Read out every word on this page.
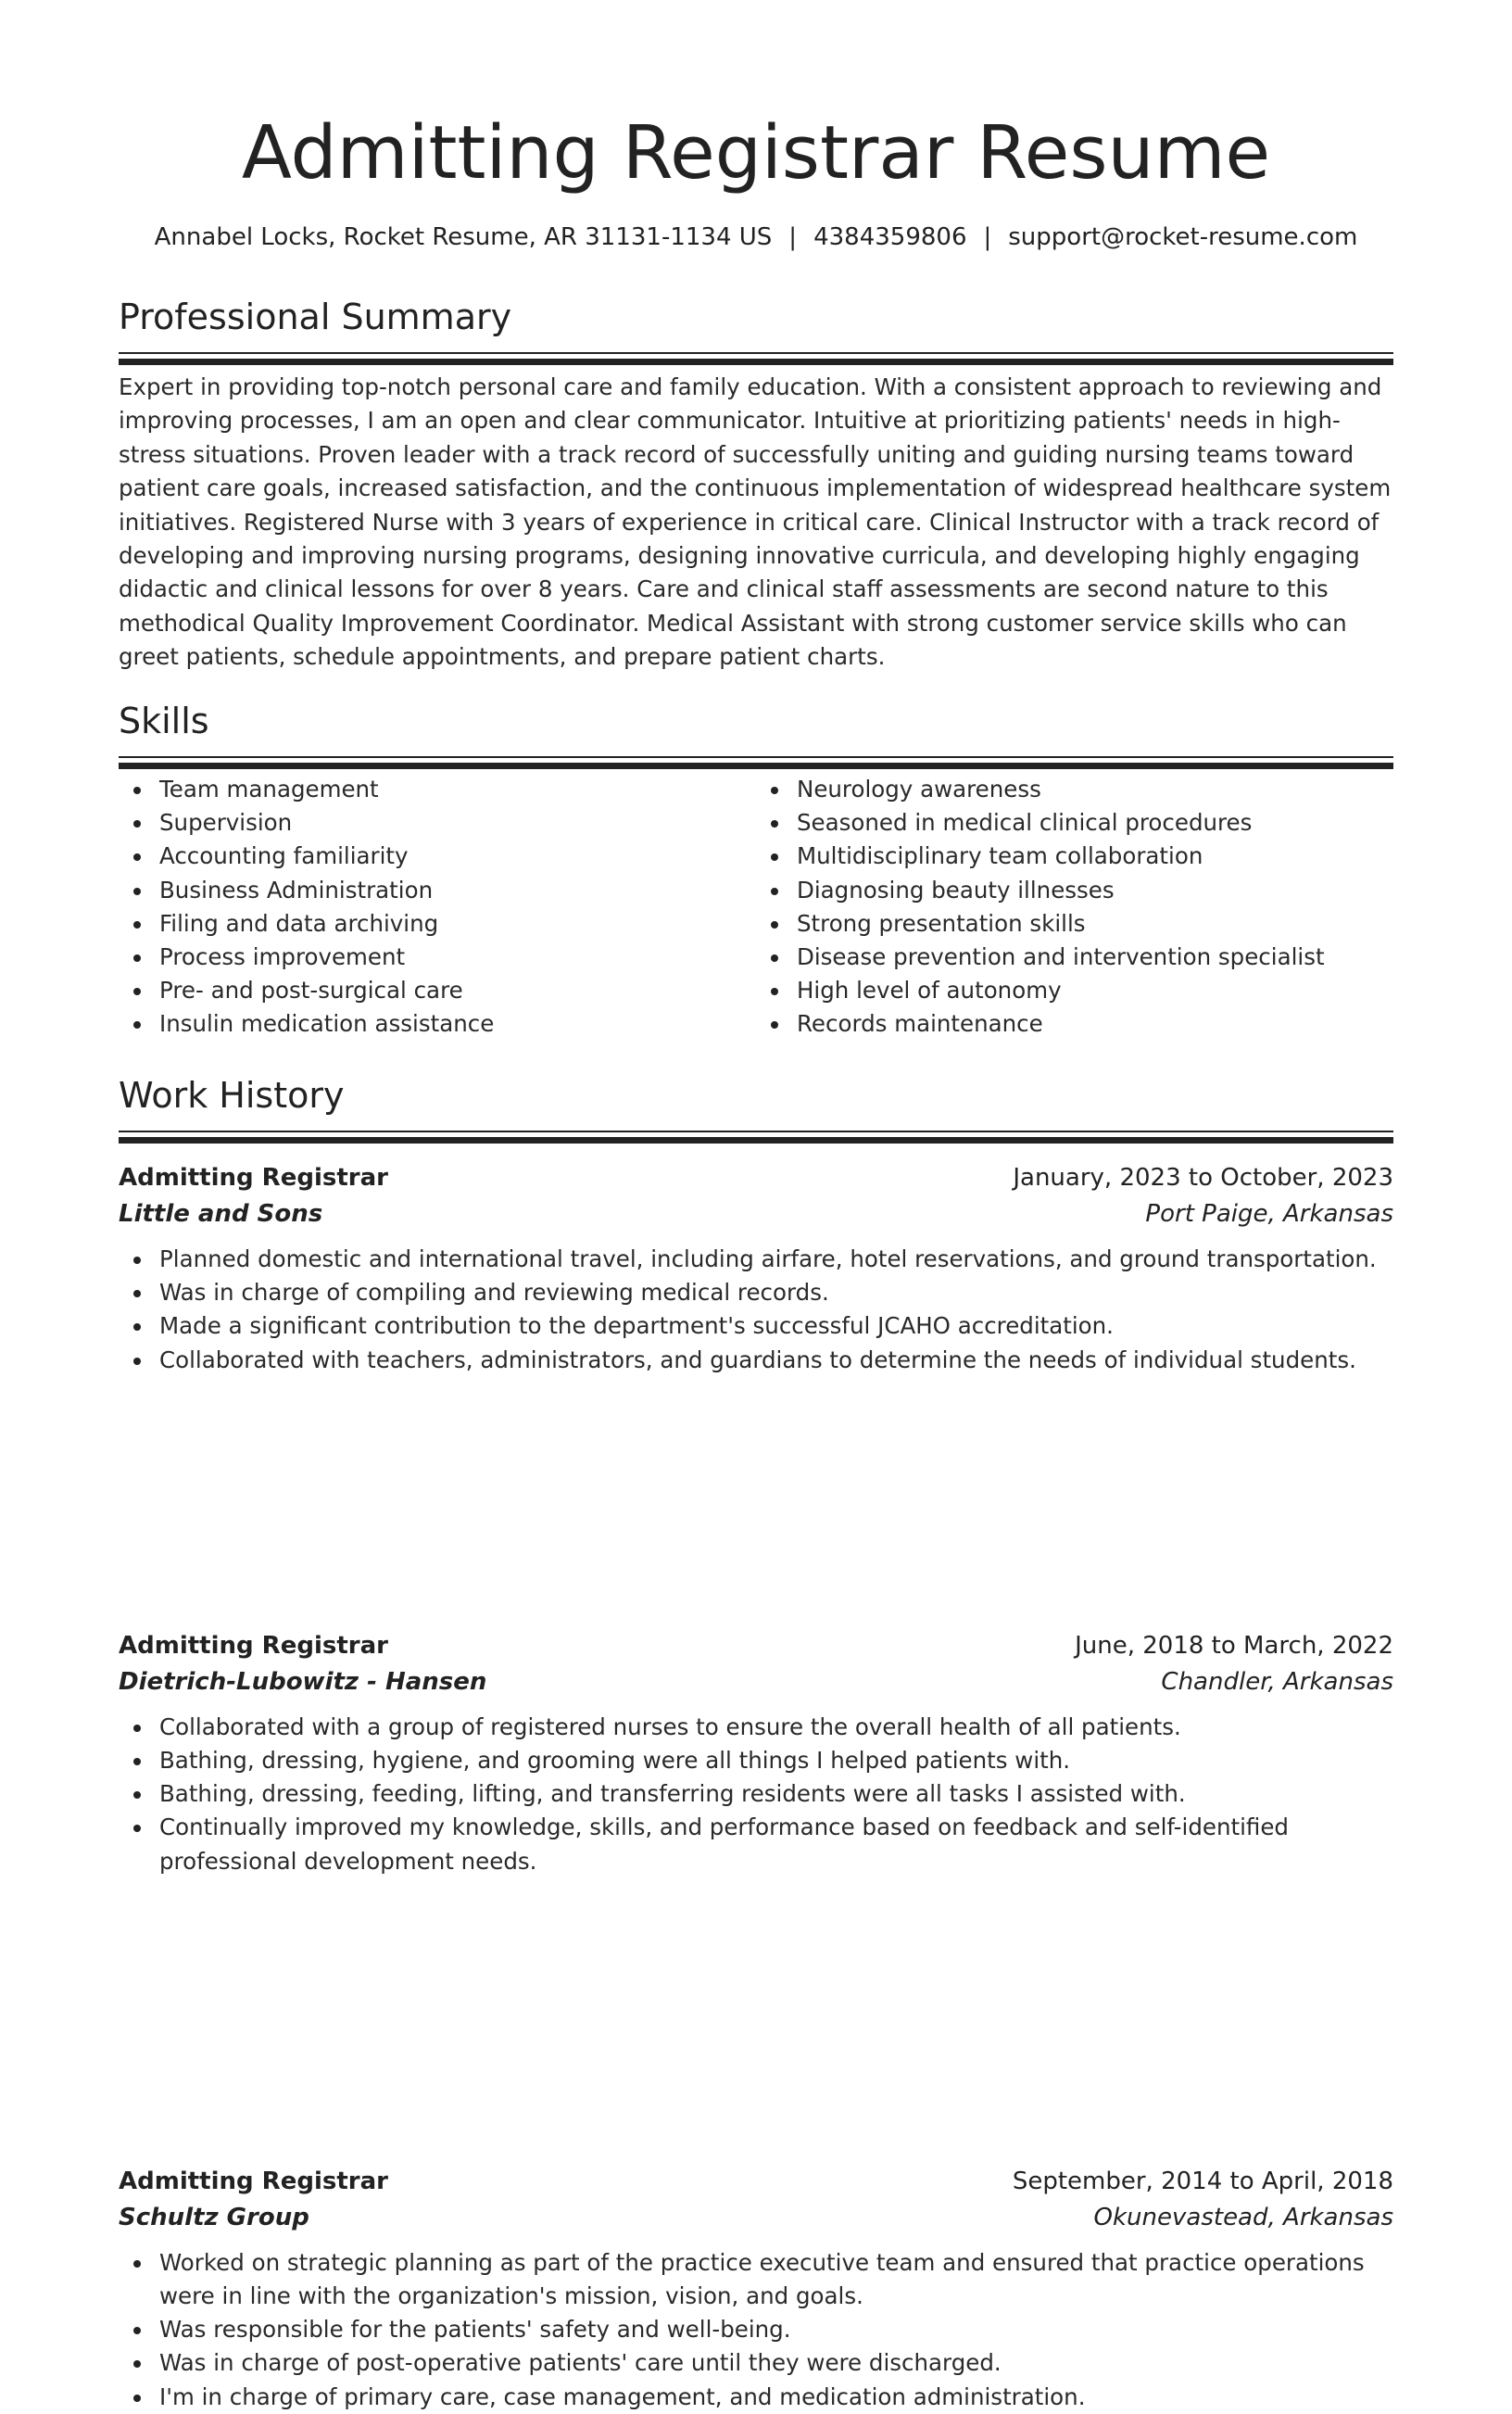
Admitting Registrar Resume
Annabel Locks, Rocket Resume, AR 31131-1134 US | 4384359806 | support@rocket-resume.com
Professional Summary

Expert in providing top-notch personal care and family education. With a consistent approach to reviewing and improving processes, I am an open and clear communicator. Intuitive at prioritizing patients' needs in high-stress situations. Proven leader with a track record of successfully uniting and guiding nursing teams toward patient care goals, increased satisfaction, and the continuous implementation of widespread healthcare system initiatives. Registered Nurse with 3 years of experience in critical care. Clinical Instructor with a track record of developing and improving nursing programs, designing innovative curricula, and developing highly engaging didactic and clinical lessons for over 8 years. Care and clinical staff assessments are second nature to this methodical Quality Improvement Coordinator. Medical Assistant with strong customer service skills who can greet patients, schedule appointments, and prepare patient charts.

Skills
Team management
Supervision
Accounting familiarity
Business Administration
Filing and data archiving
Process improvement
Pre- and post-surgical care
Insulin medication assistance
Neurology awareness
Seasoned in medical clinical procedures
Multidisciplinary team collaboration
Diagnosing beauty illnesses
Strong presentation skills
Disease prevention and intervention specialist
High level of autonomy
Records maintenance
Work History
Admitting Registrar	January, 2023 to October, 2023
Little and Sons	Port Paige, Arkansas
Planned domestic and international travel, including airfare, hotel reservations, and ground transportation.
Was in charge of compiling and reviewing medical records.
Made a significant contribution to the department's successful JCAHO accreditation.
Collaborated with teachers, administrators, and guardians to determine the needs of individual students.
Admitting Registrar	June, 2018 to March, 2022
Dietrich-Lubowitz - Hansen	Chandler, Arkansas
Collaborated with a group of registered nurses to ensure the overall health of all patients.
Bathing, dressing, hygiene, and grooming were all things I helped patients with.
Bathing, dressing, feeding, lifting, and transferring residents were all tasks I assisted with.
Continually improved my knowledge, skills, and performance based on feedback and self-identified professional development needs.
Admitting Registrar	September, 2014 to April, 2018
Schultz Group	Okunevastead, Arkansas
Worked on strategic planning as part of the practice executive team and ensured that practice operations were in line with the organization's mission, vision, and goals.
Was responsible for the patients' safety and well-being.
Was in charge of post-operative patients' care until they were discharged.
I'm in charge of primary care, case management, and medication administration.
